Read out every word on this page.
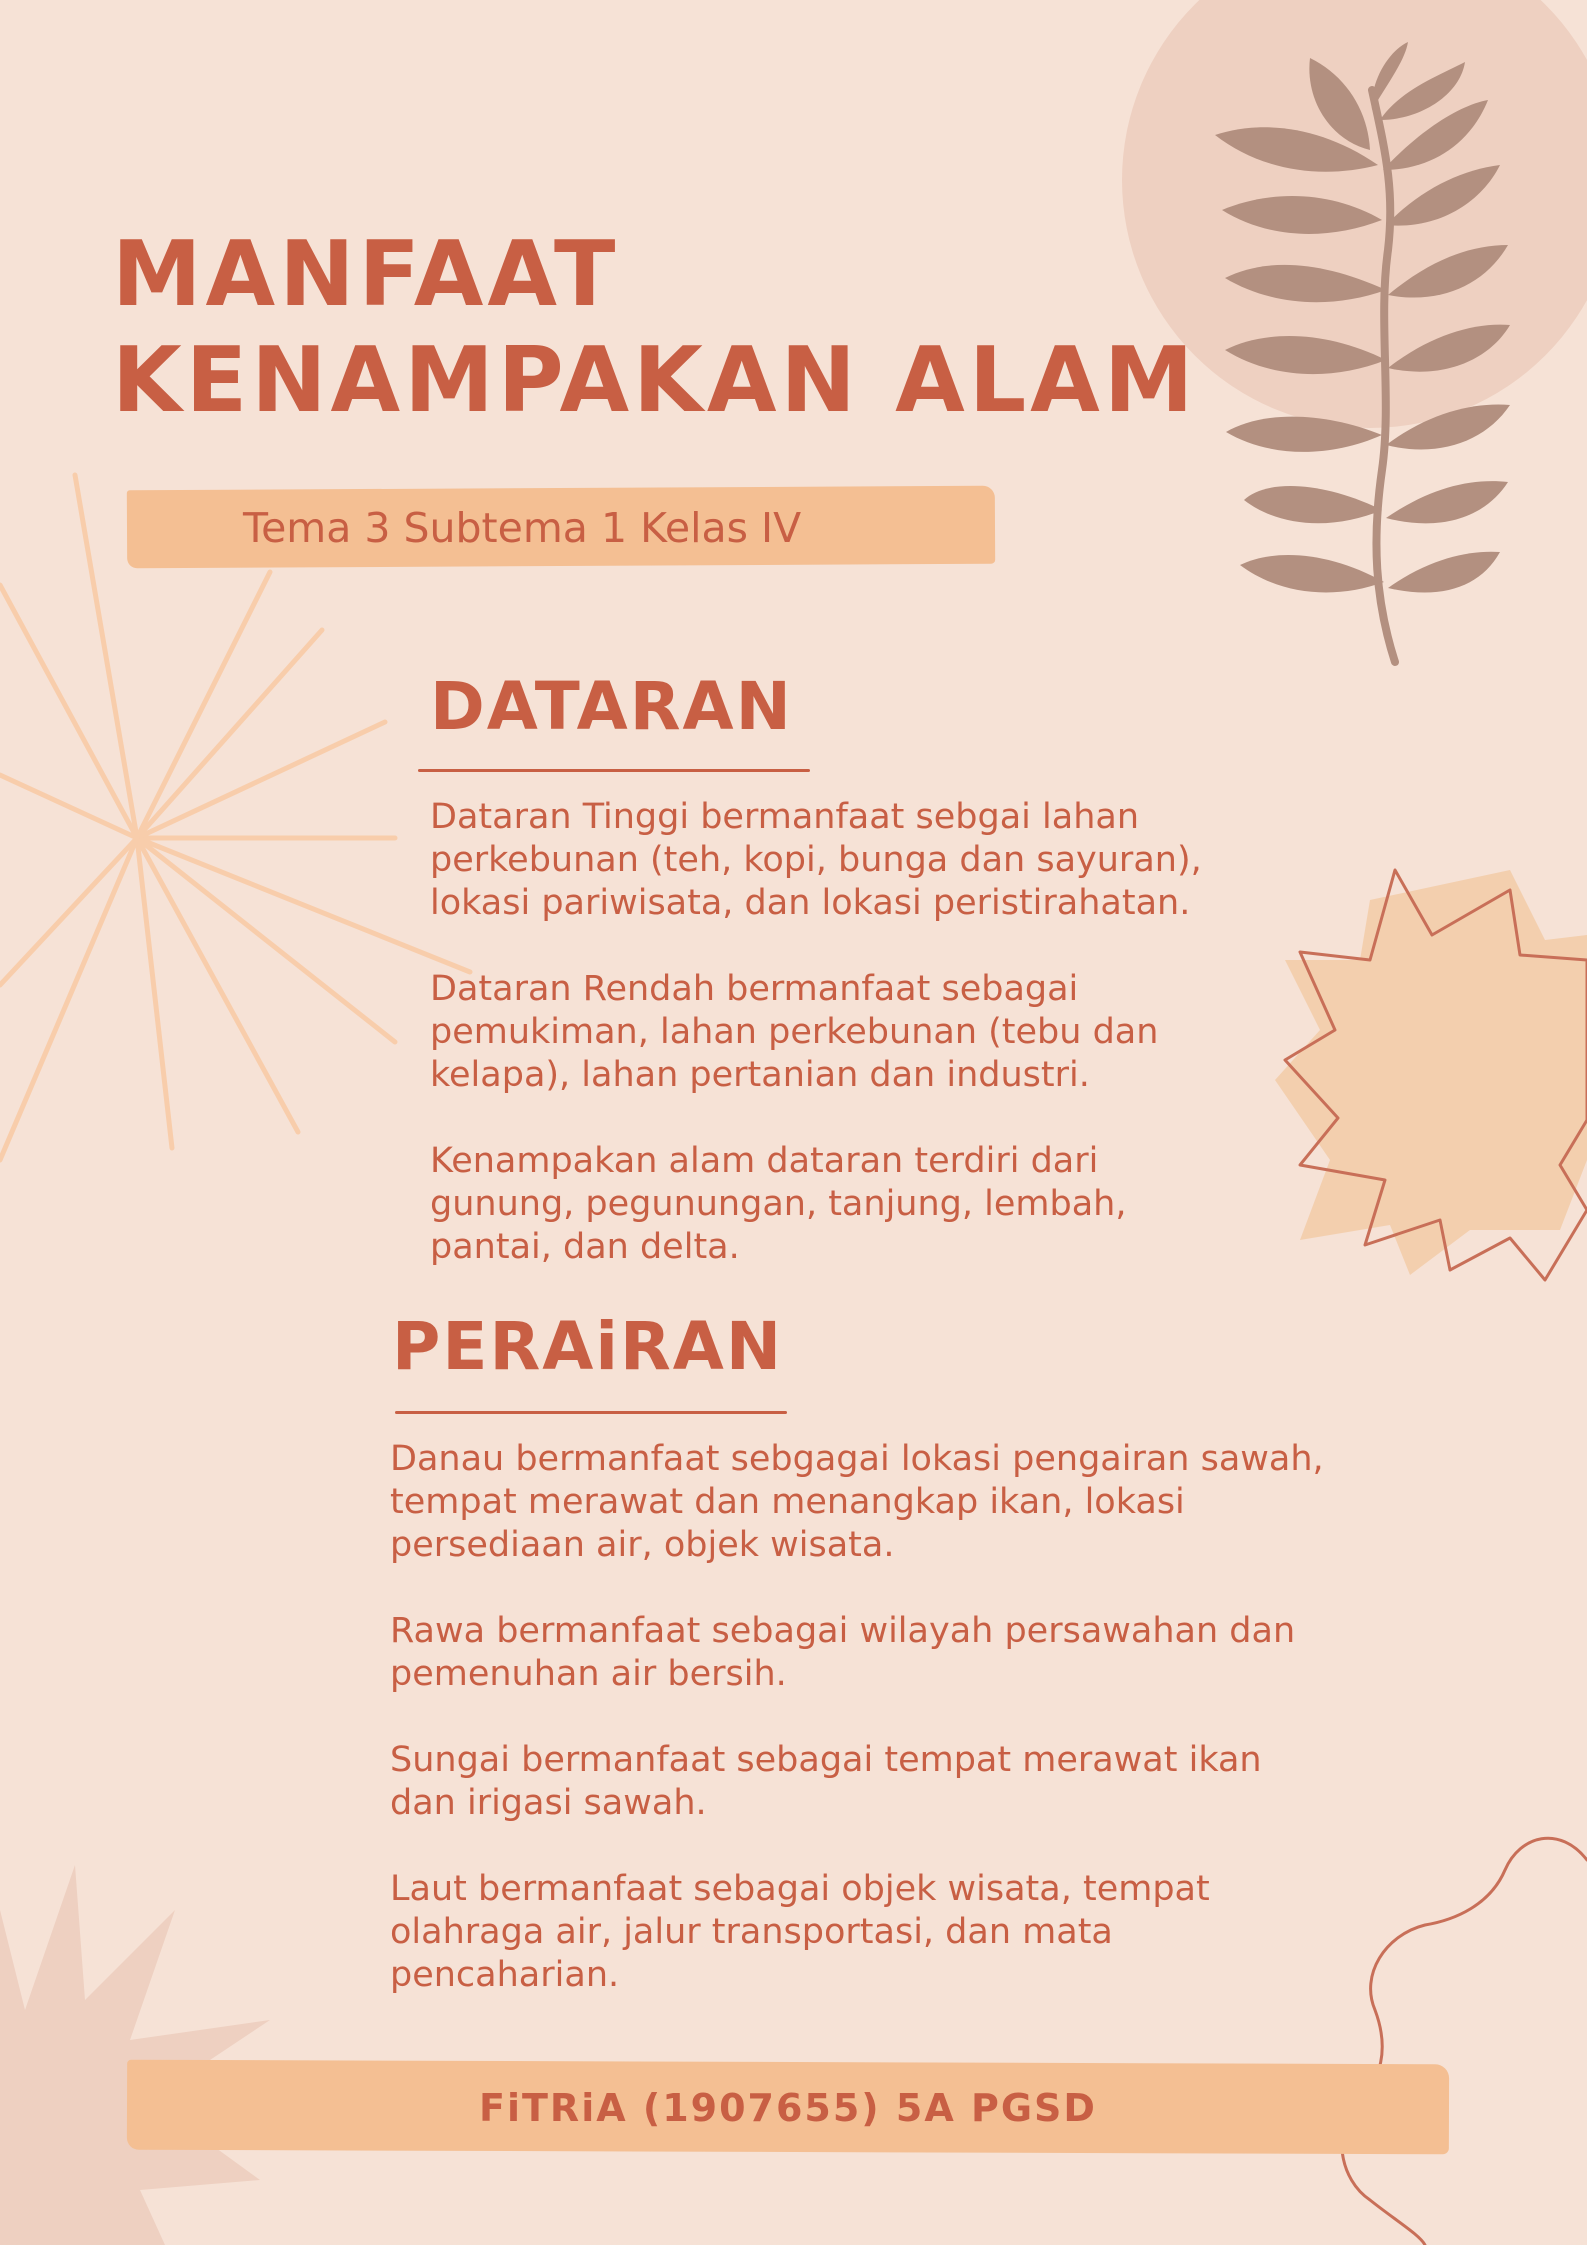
MANFAAT
KENAMPAKAN ALAM
Tema 3 Subtema 1 Kelas IV
DATARAN

Dataran Tinggi bermanfaat sebgai lahan perkebunan (teh, kopi, bunga dan sayuran), lokasi pariwisata, dan lokasi peristirahatan.

Dataran Rendah bermanfaat sebagai pemukiman, lahan perkebunan (tebu dan kelapa), lahan pertanian dan industri.

Kenampakan alam dataran terdiri dari gunung, pegunungan, tanjung, lembah, pantai, dan delta.

PERAiRAN

Danau bermanfaat sebgagai lokasi pengairan sawah, tempat merawat dan menangkap ikan, lokasi persediaan air, objek wisata.

Rawa bermanfaat sebagai wilayah persawahan dan pemenuhan air bersih.

Sungai bermanfaat sebagai tempat merawat ikan dan irigasi sawah.

Laut bermanfaat sebagai objek wisata, tempat olahraga air, jalur transportasi, dan mata pencaharian.

FiTRiA (1907655) 5A PGSD
